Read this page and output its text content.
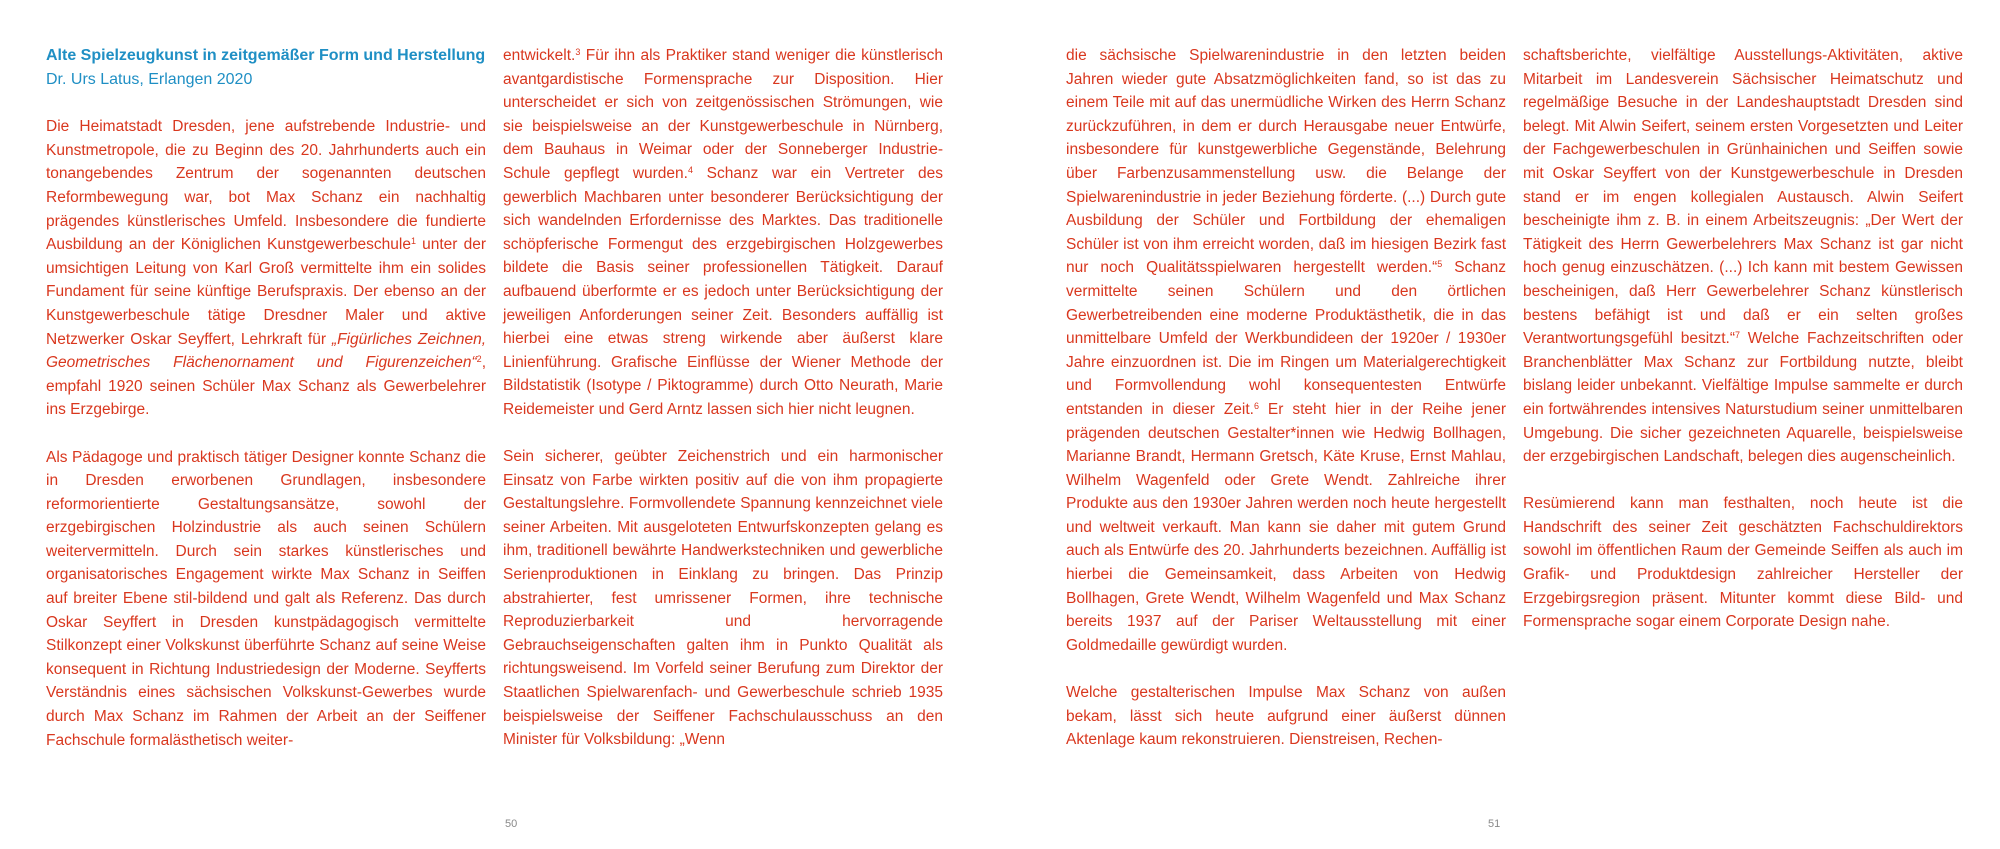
Alte Spielzeugkunst in zeitgemäßer Form und Herstellung
Dr. Urs Latus, Erlangen 2020

Die Heimatstadt Dresden, jene aufstrebende Industrie- und Kunstmetropole, die zu Beginn des 20. Jahrhunderts auch ein tonangebendes Zentrum der sogenannten deutschen Reformbewegung war, bot Max Schanz ein nachhaltig prägendes künstlerisches Umfeld. Insbesondere die fundierte Ausbildung an der Königlichen Kunstgewerbeschule$^1$ unter der umsichtigen Leitung von Karl Groß vermittelte ihm ein solides Fundament für seine künftige Berufspraxis. Der ebenso an der Kunstgewerbeschule tätige Dresdner Maler und aktive Netzwerker Oskar Seyffert, Lehrkraft für „Figürliches Zeichnen, Geometrisches Flächenornament und Figurenzeichen“$^2$, empfahl 1920 seinen Schüler Max Schanz als Gewerbelehrer ins Erzgebirge.

Als Pädagoge und praktisch tätiger Designer konnte Schanz die in Dresden erworbenen Grundlagen, insbesondere reformorientierte Gestaltungsansätze, sowohl der erzgebirgischen Holzindustrie als auch seinen Schülern weitervermitteln. Durch sein starkes künstlerisches und organisatorisches Engagement wirkte Max Schanz in Seiffen auf breiter Ebene stil-bildend und galt als Referenz. Das durch Oskar Seyffert in Dresden kunstpädagogisch vermittelte Stilkonzept einer Volkskunst überführte Schanz auf seine Weise konsequent in Richtung Industriedesign der Moderne. Seyfferts Verständnis eines sächsischen Volkskunst-Gewerbes wurde durch Max Schanz im Rahmen der Arbeit an der Seiffener Fachschule formalästhetisch weiter-

entwickelt.$^3$ Für ihn als Praktiker stand weniger die künstlerisch avantgardistische Formensprache zur Disposition. Hier unterscheidet er sich von zeitgenössischen Strömungen, wie sie beispielsweise an der Kunstgewerbeschule in Nürnberg, dem Bauhaus in Weimar oder der Sonneberger Industrie-Schule gepflegt wurden.$^4$ Schanz war ein Vertreter des gewerblich Machbaren unter besonderer Berücksichtigung der sich wandelnden Erfordernisse des Marktes. Das traditionelle schöpferische Formengut des erzgebirgischen Holzgewerbes bildete die Basis seiner professionellen Tätigkeit. Darauf aufbauend überformte er es jedoch unter Berücksichtigung der jeweiligen Anforderungen seiner Zeit. Besonders auffällig ist hierbei eine etwas streng wirkende aber äußerst klare Linienführung. Grafische Einflüsse der Wiener Methode der Bildstatistik (Isotype / Piktogramme) durch Otto Neurath, Marie Reidemeister und Gerd Arntz lassen sich hier nicht leugnen.

Sein sicherer, geübter Zeichenstrich und ein harmonischer Einsatz von Farbe wirkten positiv auf die von ihm propagierte Gestaltungslehre. Formvollendete Spannung kennzeichnet viele seiner Arbeiten. Mit ausgeloteten Entwurfskonzepten gelang es ihm, traditionell bewährte Handwerkstechniken und gewerbliche Serienproduktionen in Einklang zu bringen. Das Prinzip abstrahierter, fest umrissener Formen, ihre technische Reproduzierbarkeit und hervorragende Gebrauchseigenschaften galten ihm in Punkto Qualität als richtungsweisend. Im Vorfeld seiner Berufung zum Direktor der Staatlichen Spielwarenfach- und Gewerbeschule schrieb 1935 beispielsweise der Seiffener Fachschulausschuss an den Minister für Volksbildung: „Wenn

die sächsische Spielwarenindustrie in den letzten beiden Jahren wieder gute Absatzmöglichkeiten fand, so ist das zu einem Teile mit auf das unermüdliche Wirken des Herrn Schanz zurückzuführen, in dem er durch Herausgabe neuer Entwürfe, insbesondere für kunstgewerbliche Gegenstände, Belehrung über Farbenzusammenstellung usw. die Belange der Spielwarenindustrie in jeder Beziehung förderte. (...) Durch gute Ausbildung der Schüler und Fortbildung der ehemaligen Schüler ist von ihm erreicht worden, daß im hiesigen Bezirk fast nur noch Qualitätsspielwaren hergestellt werden.“$^5$ Schanz vermittelte seinen Schülern und den örtlichen Gewerbetreibenden eine moderne Produktästhetik, die in das unmittelbare Umfeld der Werkbundideen der 1920er / 1930er Jahre einzuordnen ist. Die im Ringen um Materialgerechtigkeit und Formvollendung wohl konsequentesten Entwürfe entstanden in dieser Zeit.$^6$ Er steht hier in der Reihe jener prägenden deutschen Gestalter*innen wie Hedwig Bollhagen, Marianne Brandt, Hermann Gretsch, Käte Kruse, Ernst Mahlau, Wilhelm Wagenfeld oder Grete Wendt. Zahlreiche ihrer Produkte aus den 1930er Jahren werden noch heute hergestellt und weltweit verkauft. Man kann sie daher mit gutem Grund auch als Entwürfe des 20. Jahrhunderts bezeichnen. Auffällig ist hierbei die Gemeinsamkeit, dass Arbeiten von Hedwig Bollhagen, Grete Wendt, Wilhelm Wagenfeld und Max Schanz bereits 1937 auf der Pariser Weltausstellung mit einer Goldmedaille gewürdigt wurden.

Welche gestalterischen Impulse Max Schanz von außen bekam, lässt sich heute aufgrund einer äußerst dünnen Aktenlage kaum rekonstruieren. Dienstreisen, Rechen-

schaftsberichte, vielfältige Ausstellungs-Aktivitäten, aktive Mitarbeit im Landesverein Sächsischer Heimatschutz und regelmäßige Besuche in der Landeshauptstadt Dresden sind belegt. Mit Alwin Seifert, seinem ersten Vorgesetzten und Leiter der Fachgewerbeschulen in Grünhainichen und Seiffen sowie mit Oskar Seyffert von der Kunstgewerbeschule in Dresden stand er im engen kollegialen Austausch. Alwin Seifert bescheinigte ihm z. B. in einem Arbeitszeugnis: „Der Wert der Tätigkeit des Herrn Gewerbelehrers Max Schanz ist gar nicht hoch genug einzuschätzen. (...) Ich kann mit bestem Gewissen bescheinigen, daß Herr Gewerbelehrer Schanz künstlerisch bestens befähigt ist und daß er ein selten großes Verantwortungsgefühl besitzt.“$^7$ Welche Fachzeitschriften oder Branchenblätter Max Schanz zur Fortbildung nutzte, bleibt bislang leider unbekannt. Vielfältige Impulse sammelte er durch ein fortwährendes intensives Naturstudium seiner unmittelbaren Umgebung. Die sicher gezeichneten Aquarelle, beispielsweise der erzgebirgischen Landschaft, belegen dies augenscheinlich.

Resümierend kann man festhalten, noch heute ist die Handschrift des seiner Zeit geschätzten Fachschuldirektors sowohl im öffentlichen Raum der Gemeinde Seiffen als auch im Grafik- und Produktdesign zahlreicher Hersteller der Erzgebirgsregion präsent. Mitunter kommt diese Bild- und Formensprache sogar einem Corporate Design nahe.

50	51
